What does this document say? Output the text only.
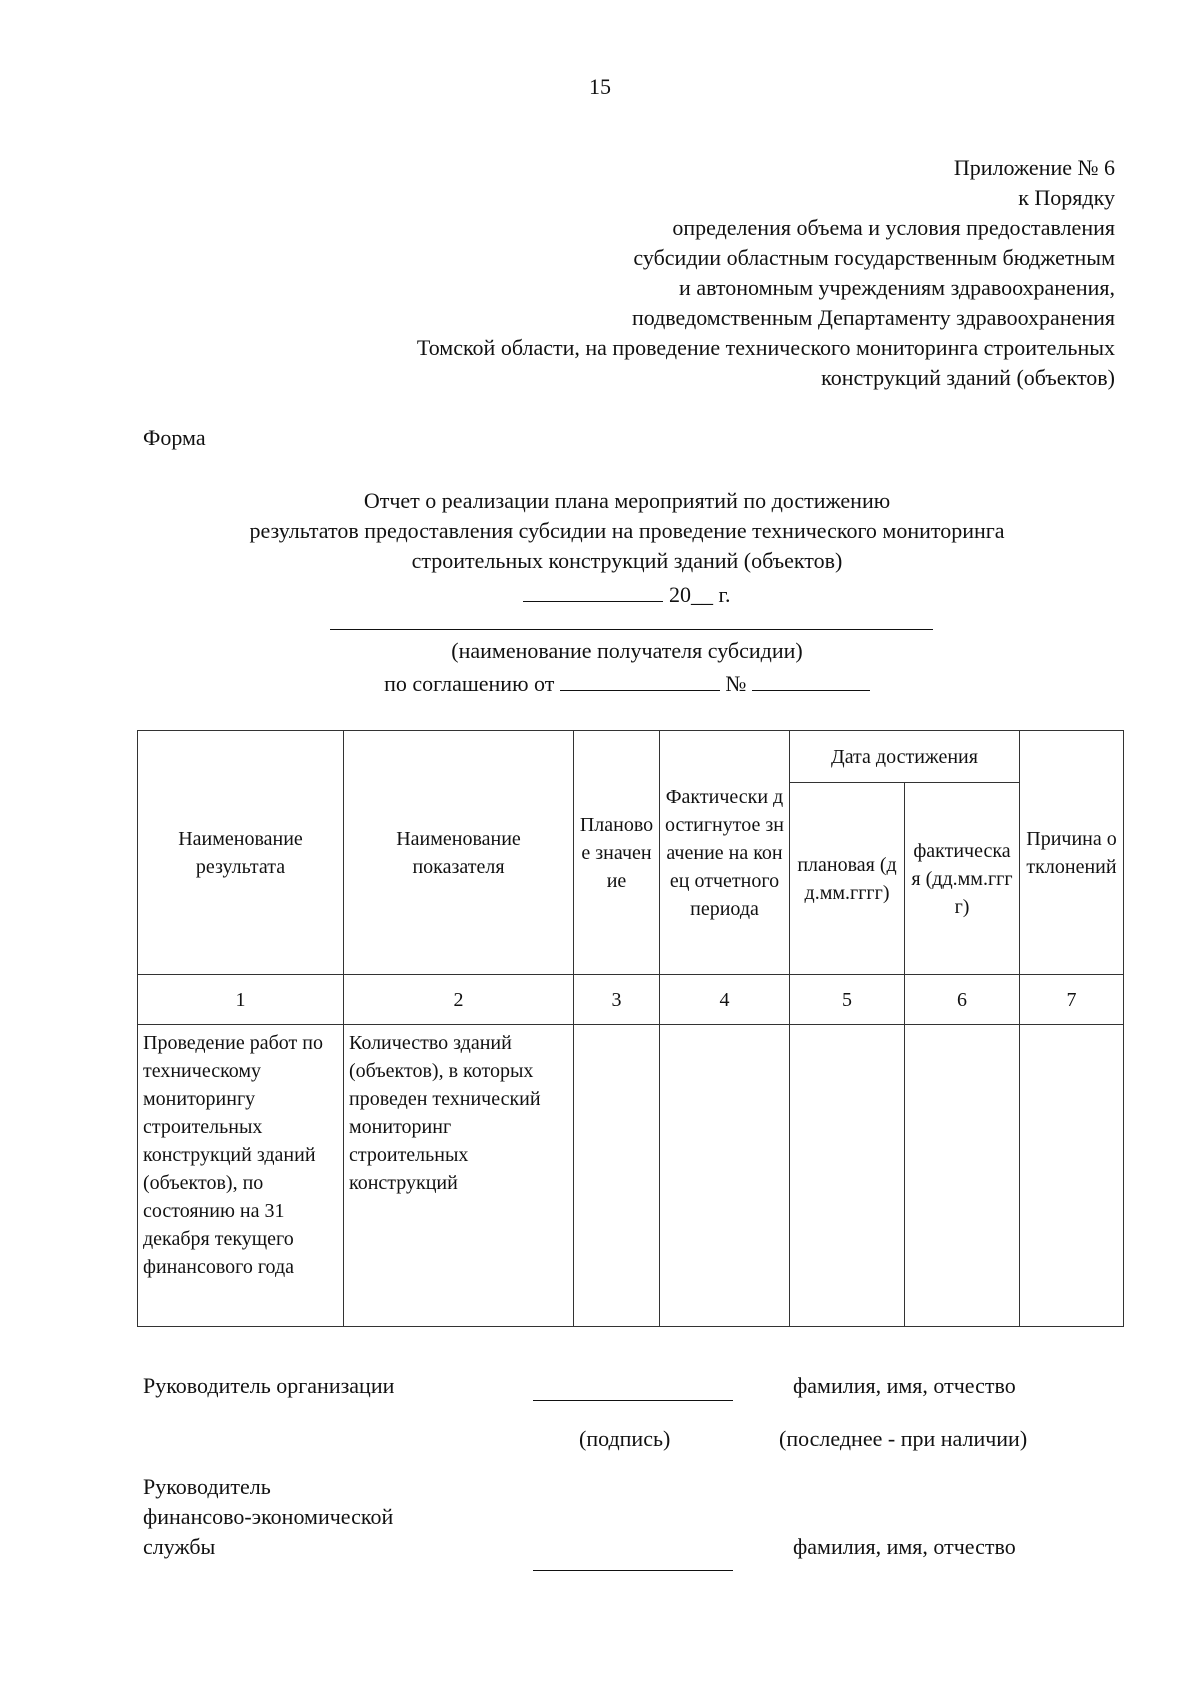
15
Приложение № 6
к Порядку
определения объема и условия предоставления
субсидии областным государственным бюджетным
и автономным учреждениям здравоохранения,
подведомственным Департаменту здравоохранения
Томской области, на проведение технического мониторинга строительных
конструкций зданий (объектов)
Форма
Отчет о реализации плана мероприятий по достижению
результатов предоставления субсидии на проведение технического мониторинга
строительных конструкций зданий (объектов)
20__ г.
(наименование получателя субсидии)
по соглашению от	№
Наименование результата	Наименование показателя	Плановое значение	Фактически достигнутое значение на конец отчетного периода	Дата достижения		Причина отклонений
				плановая (дд.мм.гггг)	фактическая (дд.мм.гггг)	
1	2	3	4	5	6	7
Проведение работ по техническому мониторингу строительных конструкций зданий (объектов), по состоянию на 31 декабря текущего финансового года	Количество зданий (объектов), в которых проведен технический мониторинг строительных конструкций					
Руководитель организации	фамилия, имя, отчество
(подпись)	(последнее - при наличии)
Руководитель
финансово-экономической
службы	фамилия, имя, отчество
